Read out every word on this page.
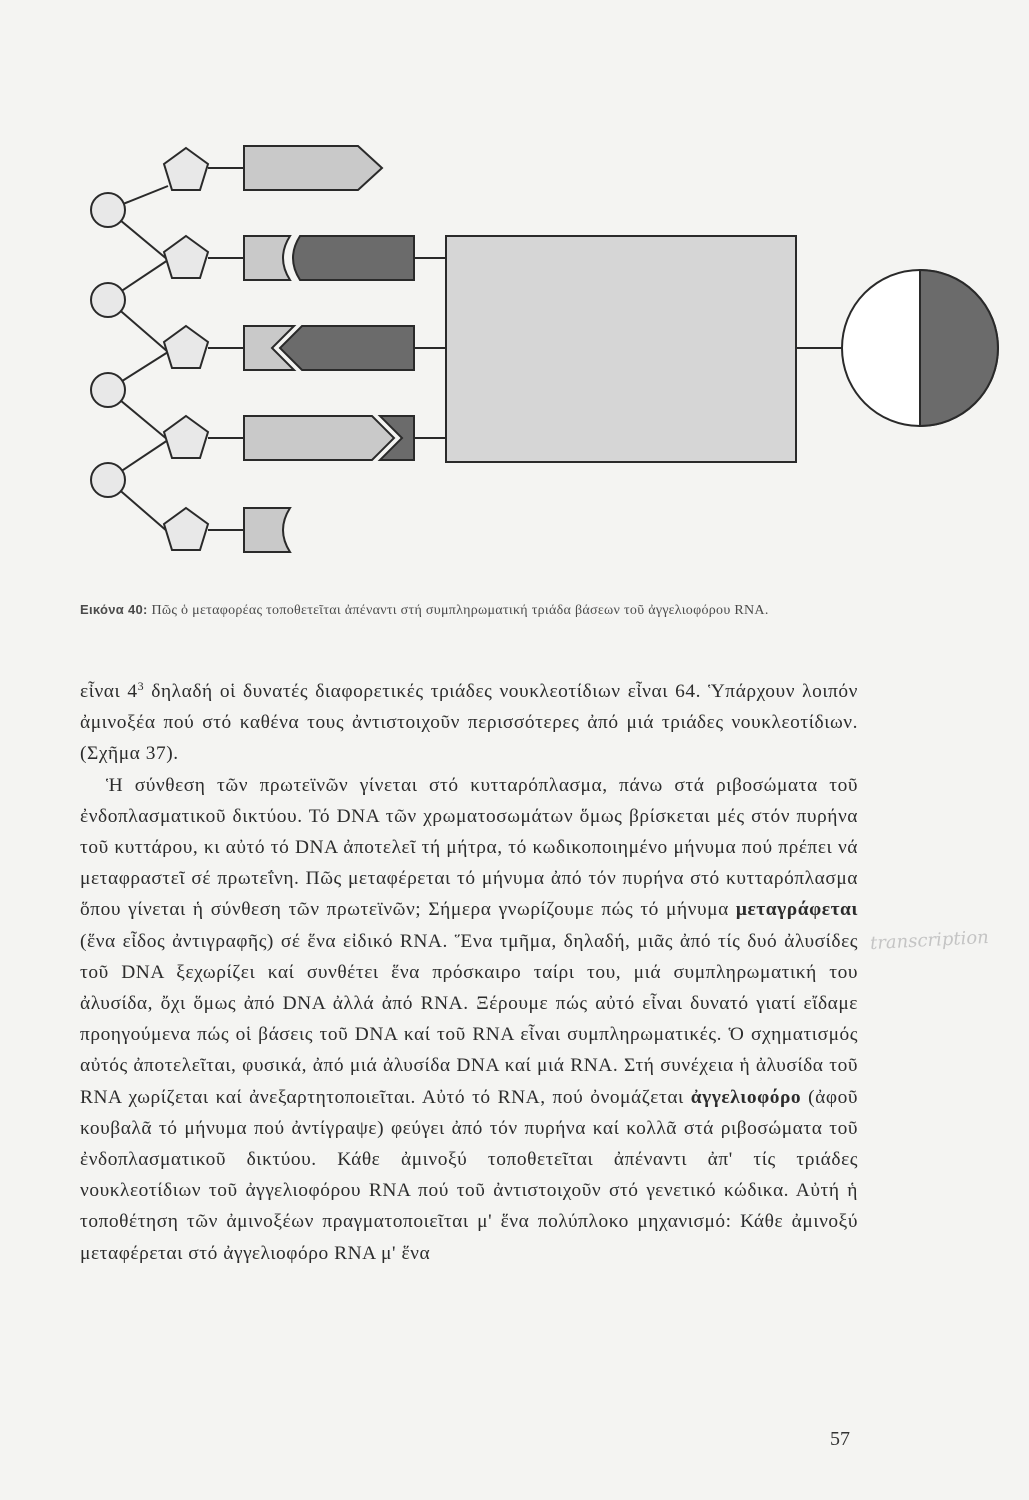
Εικόνα 40: Πῶς ὁ μεταφορέας τοποθετεῖται ἀπέναντι στή συμπληρωματική τριάδα βάσεων τοῦ ἀγγελιοφόρου RNA.

εἶναι $4^3$ δηλαδή οἱ δυνατές διαφορετικές τριάδες νουκλεοτίδιων εἶναι 64. Ὑπάρχουν λοιπόν ἀμινοξέα πού στό καθένα τους ἀντιστοιχοῦν περισσότερες ἀπό μιά τριάδες νουκλεοτίδιων. (Σχῆμα 37).

Ἡ σύνθεση τῶν πρωτεϊνῶν γίνεται στό κυτταρόπλασμα, πάνω στά ριβοσώματα τοῦ ἐνδοπλασματικοῦ δικτύου. Τό DNA τῶν χρωματοσωμάτων ὅμως βρίσκεται μές στόν πυρήνα τοῦ κυττάρου, κι αὐτό τό DNA ἀποτελεῖ τή μήτρα, τό κωδικοποιημένο μήνυμα πού πρέπει νά μεταφραστεῖ σέ πρωτεΐνη. Πῶς μεταφέρεται τό μήνυμα ἀπό τόν πυρήνα στό κυτταρόπλασμα ὅπου γίνεται ἡ σύνθεση τῶν πρωτεϊνῶν; Σήμερα γνωρίζουμε πώς τό μήνυμα μεταγράφεται (ἕνα εἶδος ἀντιγραφῆς) σέ ἕνα εἰδικό RNA. Ἕνα τμῆμα, δηλαδή, μιᾶς ἀπό τίς δυό ἀλυσίδες τοῦ DNA ξεχωρίζει καί συνθέτει ἕνα πρόσκαιρο ταίρι του, μιά συμπληρωματική του ἀλυσίδα, ὄχι ὅμως ἀπό DNA ἀλλά ἀπό RNA. Ξέρουμε πώς αὐτό εἶναι δυνατό γιατί εἴδαμε προηγούμενα πώς οἱ βάσεις τοῦ DNA καί τοῦ RNA εἶναι συμπληρωματικές. Ὁ σχηματισμός αὐτός ἀποτελεῖται, φυσικά, ἀπό μιά ἀλυσίδα DNA καί μιά RNA. Στή συνέχεια ἡ ἀλυσίδα τοῦ RNA χωρίζεται καί ἀνεξαρτητοποιεῖται. Αὐτό τό RNA, πού ὀνομάζεται ἀγγελιοφόρο (ἀφοῦ κουβαλᾶ τό μήνυμα πού ἀντίγραψε) φεύγει ἀπό τόν πυρήνα καί κολλᾶ στά ριβοσώματα τοῦ ἐνδοπλασματικοῦ δικτύου. Κάθε ἀμινοξύ τοποθετεῖται ἀπέναντι ἀπ' τίς τριάδες νουκλεοτίδιων τοῦ ἀγγελιοφόρου RNA πού τοῦ ἀντιστοιχοῦν στό γενετικό κώδικα. Αὐτή ἡ τοποθέτηση τῶν ἀμινοξέων πραγματοποιεῖται μ' ἕνα πολύπλοκο μηχανισμό: Κάθε ἀμινοξύ μεταφέρεται στό ἀγγελιοφόρο RNA μ' ἕνα

transcription
57
